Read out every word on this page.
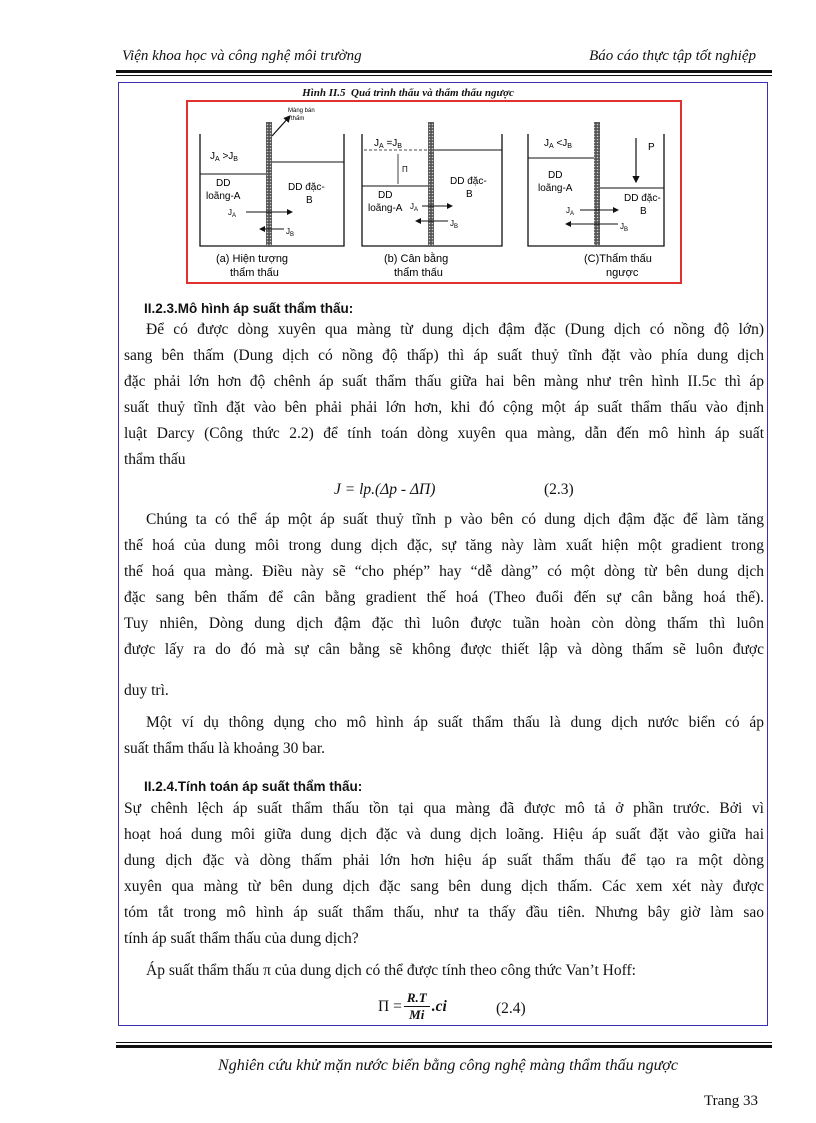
Viện khoa học và công nghệ môi trường	Báo cáo thực tập tốt nghiệp
Hình II.5 Quá trình thấu và thẩm thấu ngược
Màng bán
thấm
$J_A >J_B$
DD
loãng-A
DD đặc-
B
$J_A$
$J_B$
(a) Hiện tượng
thẩm thấu
$J_A =J_B$
Π
DD
loãng-A
DD đặc-
B
$J_A$
$J_B$
(b) Cân bằng
thẩm thấu
$J_A <J_B$	P
DD
loãng-A
DD đặc-
B
$J_A$
$J_B$
(C)Thẩm thấu
ngược
II.2.3.Mô hình áp suất thẩm thấu:
Để có được dòng xuyên qua màng từ dung dịch đậm đặc (Dung dịch có nồng độ lớn)
sang bên thấm (Dung dịch có nồng độ thấp) thì áp suất thuỷ tĩnh đặt vào phía dung dịch
đặc phải lớn hơn độ chênh áp suất thẩm thấu giữa hai bên màng như trên hình II.5c thì áp
suất thuỷ tĩnh đặt vào bên phải phải lớn hơn, khi đó cộng một áp suất thẩm thấu vào định
luật Darcy (Công thức 2.2) để tính toán dòng xuyên qua màng, dẫn đến mô hình áp suất
thẩm thấu
J = lp.(Δp - ΔΠ)	(2.3)
Chúng ta có thể áp một áp suất thuỷ tĩnh p vào bên có dung dịch đậm đặc để làm tăng
thế hoá của dung môi trong dung dịch đặc, sự tăng này làm xuất hiện một gradient trong
thế hoá qua màng. Điều này sẽ “cho phép” hay “dễ dàng” có một dòng từ bên dung dịch
đặc sang bên thấm để cân bằng gradient thế hoá (Theo đuổi đến sự cân bằng hoá thế).
Tuy nhiên, Dòng dung dịch đậm đặc thì luôn được tuần hoàn còn dòng thấm thì luôn
được lấy ra do đó mà sự cân bằng sẽ không được thiết lập và dòng thấm sẽ luôn được
duy trì.
Một ví dụ thông dụng cho mô hình áp suất thẩm thấu là dung dịch nước biển có áp
suất thẩm thấu là khoảng 30 bar.
II.2.4.Tính toán áp suất thẩm thấu:
Sự chênh lệch áp suất thẩm thấu tồn tại qua màng đã được mô tả ở phần trước. Bởi vì
hoạt hoá dung môi giữa dung dịch đặc và dung dịch loãng. Hiệu áp suất đặt vào giữa hai
dung dịch đặc và dòng thấm phải lớn hơn hiệu áp suất thẩm thấu để tạo ra một dòng
xuyên qua màng từ bên dung dịch đặc sang bên dung dịch thấm. Các xem xét này được
tóm tắt trong mô hình áp suất thẩm thấu, như ta thấy đầu tiên. Nhưng bây giờ làm sao
tính áp suất thẩm thấu của dung dịch?
Áp suất thẩm thấu π của dung dịch có thể được tính theo công thức Van’t Hoff:
$\Pi = \frac{R.T}{Mi} .ci$	(2.4)
Nghiên cứu khử mặn nước biển bằng công nghệ màng thẩm thấu ngược
Trang 33
